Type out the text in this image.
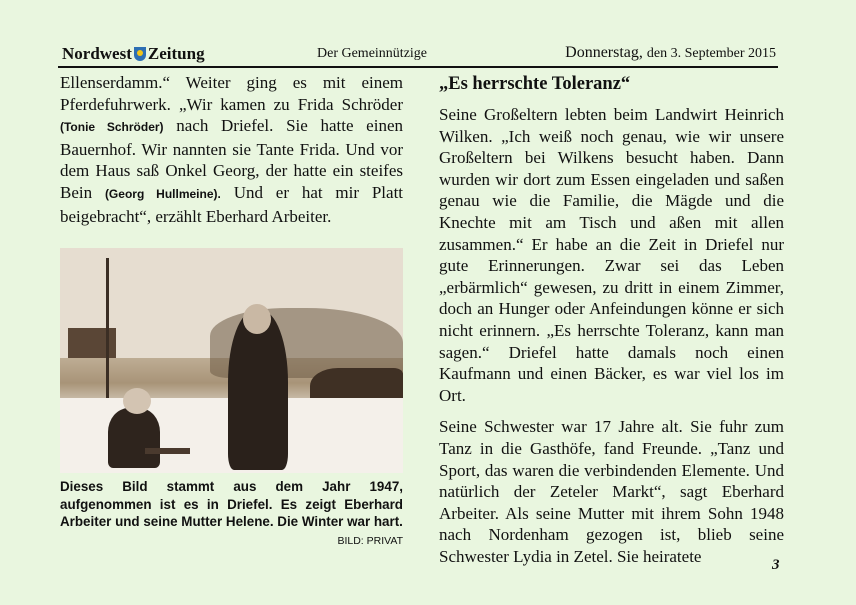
Nordwest Zeitung	Der Gemeinnützige	Donnerstag, den 3. September 2015

Ellenserdamm.“ Weiter ging es mit einem Pferdefuhrwerk. „Wir kamen zu Frida Schröder (Tonie Schröder) nach Driefel. Sie hatte einen Bauernhof. Wir nannten sie Tante Frida. Und vor dem Haus saß Onkel Georg, der hatte ein steifes Bein (Georg Hullmeine). Und er hat mir Platt beigebracht“, erzählt Eberhard Arbeiter.

Dieses Bild stammt aus dem Jahr 1947, aufgenommen ist es in Driefel. Es zeigt Eberhard Arbeiter und seine Mutter Helene. Die Winter war hart.
BILD: PRIVAT
„Es herrschte Toleranz“

Seine Großeltern lebten beim Landwirt Heinrich Wilken. „Ich weiß noch genau, wie wir unsere Großeltern bei Wilkens besucht haben. Dann wurden wir dort zum Essen eingeladen und saßen genau wie die Familie, die Mägde und die Knechte mit am Tisch und aßen mit allen zusammen.“ Er habe an die Zeit in Driefel nur gute Erinnerungen. Zwar sei das Leben „erbärmlich“ gewesen, zu dritt in einem Zimmer, doch an Hunger oder Anfeindungen könne er sich nicht erinnern. „Es herrschte Toleranz, kann man sagen.“ Driefel hatte damals noch einen Kaufmann und einen Bäcker, es war viel los im Ort.

Seine Schwester war 17 Jahre alt. Sie fuhr zum Tanz in die Gasthöfe, fand Freunde. „Tanz und Sport, das waren die verbindenden Elemente. Und natürlich der Zeteler Markt“, sagt Eberhard Arbeiter. Als seine Mutter mit ihrem Sohn 1948 nach Nordenham gezogen ist, blieb seine Schwester Lydia in Zetel. Sie heiratete	3
